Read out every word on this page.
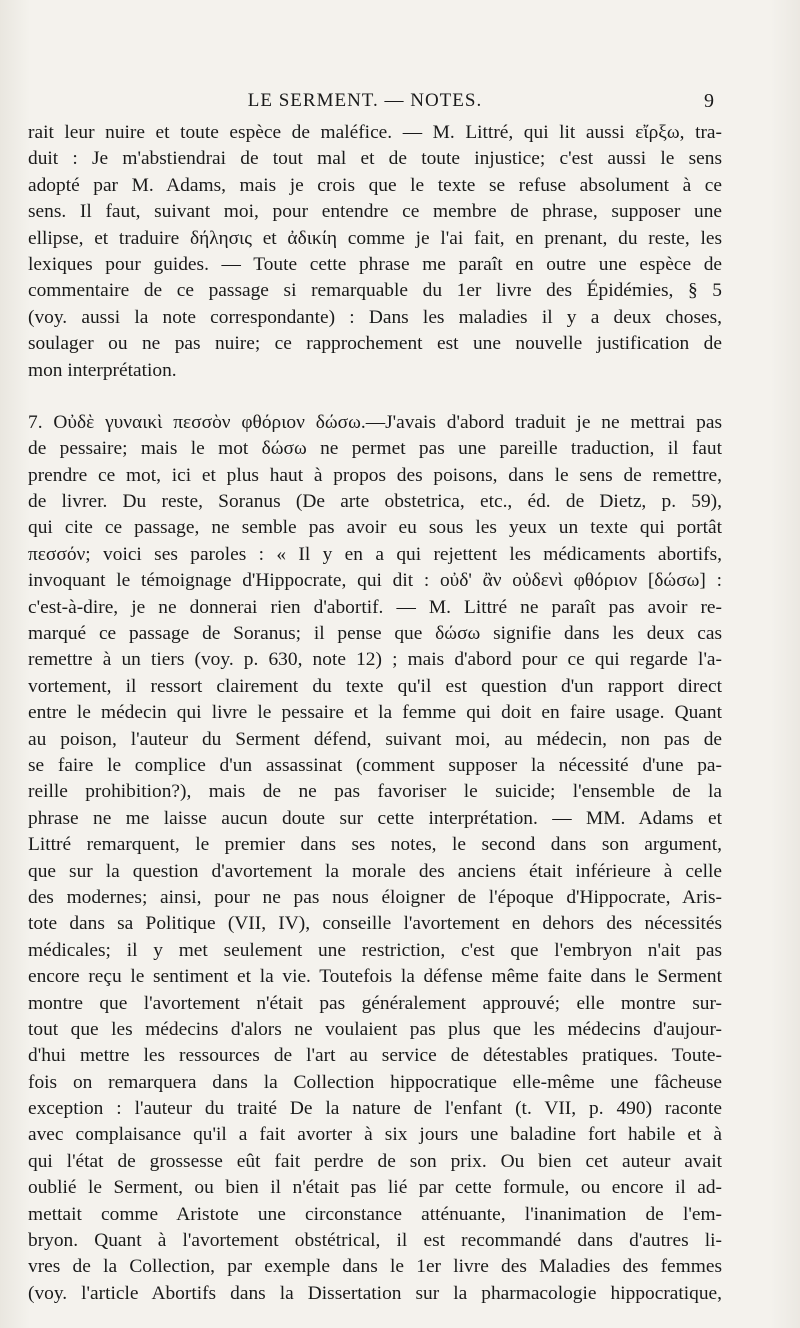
LE SERMENT. — NOTES.	9
rait leur nuire et toute espèce de maléfice. — M. Littré, qui lit aussi εἴρξω, tra-
duit : Je m'abstiendrai de tout mal et de toute injustice; c'est aussi le sens
adopté par M. Adams, mais je crois que le texte se refuse absolument à ce
sens. Il faut, suivant moi, pour entendre ce membre de phrase, supposer une
ellipse, et traduire δήλησις et ἀδικίη comme je l'ai fait, en prenant, du reste, les
lexiques pour guides. — Toute cette phrase me paraît en outre une espèce de
commentaire de ce passage si remarquable du 1er livre des Épidémies, § 5
(voy. aussi la note correspondante) : Dans les maladies il y a deux choses,
soulager ou ne pas nuire; ce rapprochement est une nouvelle justification de
mon interprétation.
7. Οὐδὲ γυναικὶ πεσσὸν φθόριον δώσω.—J'avais d'abord traduit je ne mettrai pas
de pessaire; mais le mot δώσω ne permet pas une pareille traduction, il faut
prendre ce mot, ici et plus haut à propos des poisons, dans le sens de remettre,
de livrer. Du reste, Soranus (De arte obstetrica, etc., éd. de Dietz, p. 59),
qui cite ce passage, ne semble pas avoir eu sous les yeux un texte qui portât
πεσσόν; voici ses paroles : « Il y en a qui rejettent les médicaments abortifs,
invoquant le témoignage d'Hippocrate, qui dit : οὐδ' ἂν οὐδενὶ φθόριον [δώσω] :
c'est-à-dire, je ne donnerai rien d'abortif. — M. Littré ne paraît pas avoir re-
marqué ce passage de Soranus; il pense que δώσω signifie dans les deux cas
remettre à un tiers (voy. p. 630, note 12) ; mais d'abord pour ce qui regarde l'a-
vortement, il ressort clairement du texte qu'il est question d'un rapport direct
entre le médecin qui livre le pessaire et la femme qui doit en faire usage. Quant
au poison, l'auteur du Serment défend, suivant moi, au médecin, non pas de
se faire le complice d'un assassinat (comment supposer la nécessité d'une pa-
reille prohibition?), mais de ne pas favoriser le suicide; l'ensemble de la
phrase ne me laisse aucun doute sur cette interprétation. — MM. Adams et
Littré remarquent, le premier dans ses notes, le second dans son argument,
que sur la question d'avortement la morale des anciens était inférieure à celle
des modernes; ainsi, pour ne pas nous éloigner de l'époque d'Hippocrate, Aris-
tote dans sa Politique (VII, IV), conseille l'avortement en dehors des nécessités
médicales; il y met seulement une restriction, c'est que l'embryon n'ait pas
encore reçu le sentiment et la vie. Toutefois la défense même faite dans le Serment
montre que l'avortement n'était pas généralement approuvé; elle montre sur-
tout que les médecins d'alors ne voulaient pas plus que les médecins d'aujour-
d'hui mettre les ressources de l'art au service de détestables pratiques. Toute-
fois on remarquera dans la Collection hippocratique elle-même une fâcheuse
exception : l'auteur du traité De la nature de l'enfant (t. VII, p. 490) raconte
avec complaisance qu'il a fait avorter à six jours une baladine fort habile et à
qui l'état de grossesse eût fait perdre de son prix. Ou bien cet auteur avait
oublié le Serment, ou bien il n'était pas lié par cette formule, ou encore il ad-
mettait comme Aristote une circonstance atténuante, l'inanimation de l'em-
bryon. Quant à l'avortement obstétrical, il est recommandé dans d'autres li-
vres de la Collection, par exemple dans le 1er livre des Maladies des femmes
(voy. l'article Abortifs dans la Dissertation sur la pharmacologie hippocratique,
